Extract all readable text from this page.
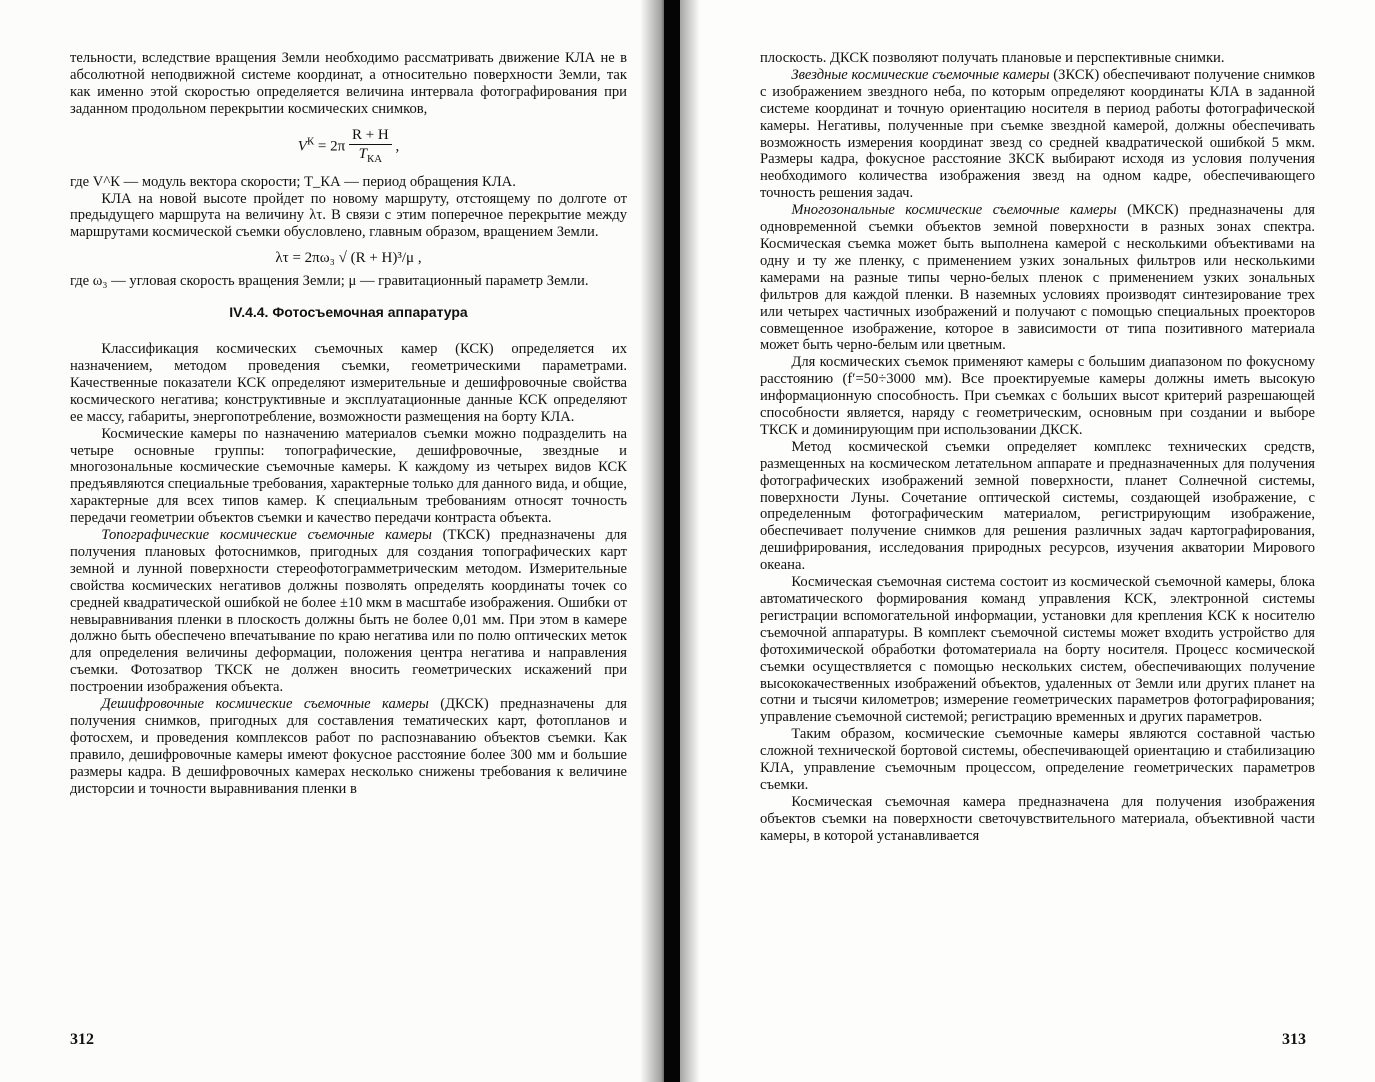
тельности, вследствие вращения Земли необходимо рассматривать движение КЛА не в абсолютной неподвижной системе координат, а относительно поверхности Земли, так как именно этой скоростью определяется величина интервала фотографирования при заданном продольном перекрытии космических снимков,

$V^К = 2\pi \frac{R + H}{T_{КА}}$ ,

где V^К — модуль вектора скорости; T_КА — период обращения КЛА.

КЛА на новой высоте пройдет по новому маршруту, отстоящему по долготе от предыдущего маршрута на величину λτ. В связи с этим поперечное перекрытие между маршрутами космической съемки обусловлено, главным образом, вращением Земли.

λτ = 2πω₃ √ (R + H)³/μ ,

где ω₃ — угловая скорость вращения Земли; μ — гравитационный параметр Земли.

IV.4.4. Фотосъемочная аппаратура

Классификация космических съемочных камер (КСК) определяется их назначением, методом проведения съемки, геометрическими параметрами. Качественные показатели КСК определяют измерительные и дешифровочные свойства космического негатива; конструктивные и эксплуатационные данные КСК определяют ее массу, габариты, энергопотребление, возможности размещения на борту КЛА.

Космические камеры по назначению материалов съемки можно подразделить на четыре основные группы: топографические, дешифровочные, звездные и многозональные космические съемочные камеры. К каждому из четырех видов КСК предъявляются специальные требования, характерные только для данного вида, и общие, характерные для всех типов камер. К специальным требованиям относят точность передачи геометрии объектов съемки и качество передачи контраста объекта.

Топографические космические съемочные камеры (ТКСК) предназначены для получения плановых фотоснимков, пригодных для создания топографических карт земной и лунной поверхности стереофотограмметрическим методом. Измерительные свойства космических негативов должны позволять определять координаты точек со средней квадратической ошибкой не более ±10 мкм в масштабе изображения. Ошибки от невыравнивания пленки в плоскость должны быть не более 0,01 мм. При этом в камере должно быть обеспечено впечатывание по краю негатива или по полю оптических меток для определения величины деформации, положения центра негатива и направления съемки. Фотозатвор ТКСК не должен вносить геометрических искажений при построении изображения объекта.

Дешифровочные космические съемочные камеры (ДКСК) предназначены для получения снимков, пригодных для составления тематических карт, фотопланов и фотосхем, и проведения комплексов работ по распознаванию объектов съемки. Как правило, дешифровочные камеры имеют фокусное расстояние более 300 мм и большие размеры кадра. В дешифровочных камерах несколько снижены требования к величине дисторсии и точности выравнивания пленки в

312

плоскость. ДКСК позволяют получать плановые и перспективные снимки.

Звездные космические съемочные камеры (ЗКСК) обеспечивают получение снимков с изображением звездного неба, по которым определяют координаты КЛА в заданной системе координат и точную ориентацию носителя в период работы фотографической камеры. Негативы, полученные при съемке звездной камерой, должны обеспечивать возможность измерения координат звезд со средней квадратической ошибкой 5 мкм. Размеры кадра, фокусное расстояние ЗКСК выбирают исходя из условия получения необходимого количества изображения звезд на одном кадре, обеспечивающего точность решения задач.

Многозональные космические съемочные камеры (МКСК) предназначены для одновременной съемки объектов земной поверхности в разных зонах спектра. Космическая съемка может быть выполнена камерой с несколькими объективами на одну и ту же пленку, с применением узких зональных фильтров или несколькими камерами на разные типы черно-белых пленок с применением узких зональных фильтров для каждой пленки. В наземных условиях производят синтезирование трех или четырех частичных изображений и получают с помощью специальных проекторов совмещенное изображение, которое в зависимости от типа позитивного материала может быть черно-белым или цветным.

Для космических съемок применяют камеры с большим диапазоном по фокусному расстоянию (f′=50÷3000 мм). Все проектируемые камеры должны иметь высокую информационную способность. При съемках с больших высот критерий разрешающей способности является, наряду с геометрическим, основным при создании и выборе ТКСК и доминирующим при использовании ДКСК.

Метод космической съемки определяет комплекс технических средств, размещенных на космическом летательном аппарате и предназначенных для получения фотографических изображений земной поверхности, планет Солнечной системы, поверхности Луны. Сочетание оптической системы, создающей изображение, с определенным фотографическим материалом, регистрирующим изображение, обеспечивает получение снимков для решения различных задач картографирования, дешифрирования, исследования природных ресурсов, изучения акватории Мирового океана.

Космическая съемочная система состоит из космической съемочной камеры, блока автоматического формирования команд управления КСК, электронной системы регистрации вспомогательной информации, установки для крепления КСК к носителю съемочной аппаратуры. В комплект съемочной системы может входить устройство для фотохимической обработки фотоматериала на борту носителя. Процесс космической съемки осуществляется с помощью нескольких систем, обеспечивающих получение высококачественных изображений объектов, удаленных от Земли или других планет на сотни и тысячи километров; измерение геометрических параметров фотографирования; управление съемочной системой; регистрацию временных и других параметров.

Таким образом, космические съемочные камеры являются составной частью сложной технической бортовой системы, обеспечивающей ориентацию и стабилизацию КЛА, управление съемочным процессом, определение геометрических параметров съемки.

Космическая съемочная камера предназначена для получения изображения объектов съемки на поверхности светочувствительного материала, объективной части камеры, в которой устанавливается

313
